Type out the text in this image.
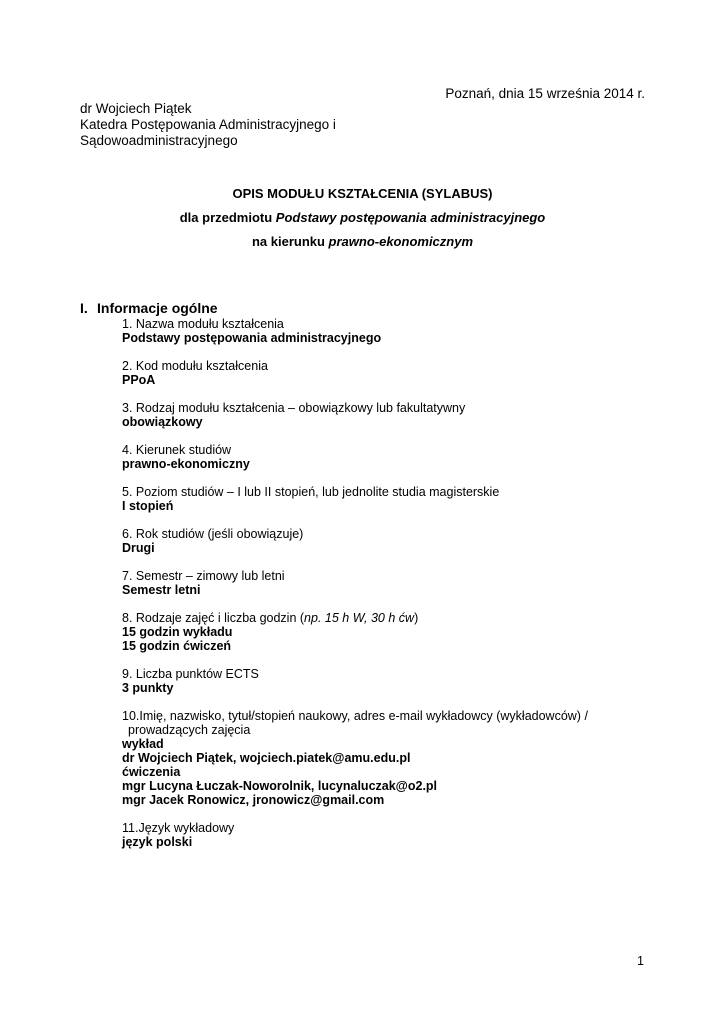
Poznań, dnia 15 września 2014 r.
dr Wojciech Piątek
Katedra Postępowania Administracyjnego i
Sądowoadministracyjnego
OPIS MODUŁU KSZTAŁCENIA (SYLABUS)
dla przedmiotu Podstawy postępowania administracyjnego
na kierunku prawno-ekonomicznym
I. Informacje ogólne
1. Nazwa modułu kształcenia
Podstawy postępowania administracyjnego
2. Kod modułu kształcenia
PPoA
3. Rodzaj modułu kształcenia – obowiązkowy lub fakultatywny
obowiązkowy
4. Kierunek studiów
prawno-ekonomiczny
5. Poziom studiów – I lub II stopień, lub jednolite studia magisterskie
I stopień
6. Rok studiów (jeśli obowiązuje)
Drugi
7. Semestr – zimowy lub letni
Semestr letni
8. Rodzaje zajęć i liczba godzin (np. 15 h W, 30 h ćw)
15 godzin wykładu
15 godzin ćwiczeń
9. Liczba punktów ECTS
3 punkty
10.Imię, nazwisko, tytuł/stopień naukowy, adres e-mail wykładowcy (wykładowców) /
prowadzących zajęcia
wykład
dr Wojciech Piątek, wojciech.piatek@amu.edu.pl
ćwiczenia
mgr Lucyna Łuczak-Noworolnik, lucynaluczak@o2.pl
mgr Jacek Ronowicz, jronowicz@gmail.com
11.Język wykładowy
język polski
1
